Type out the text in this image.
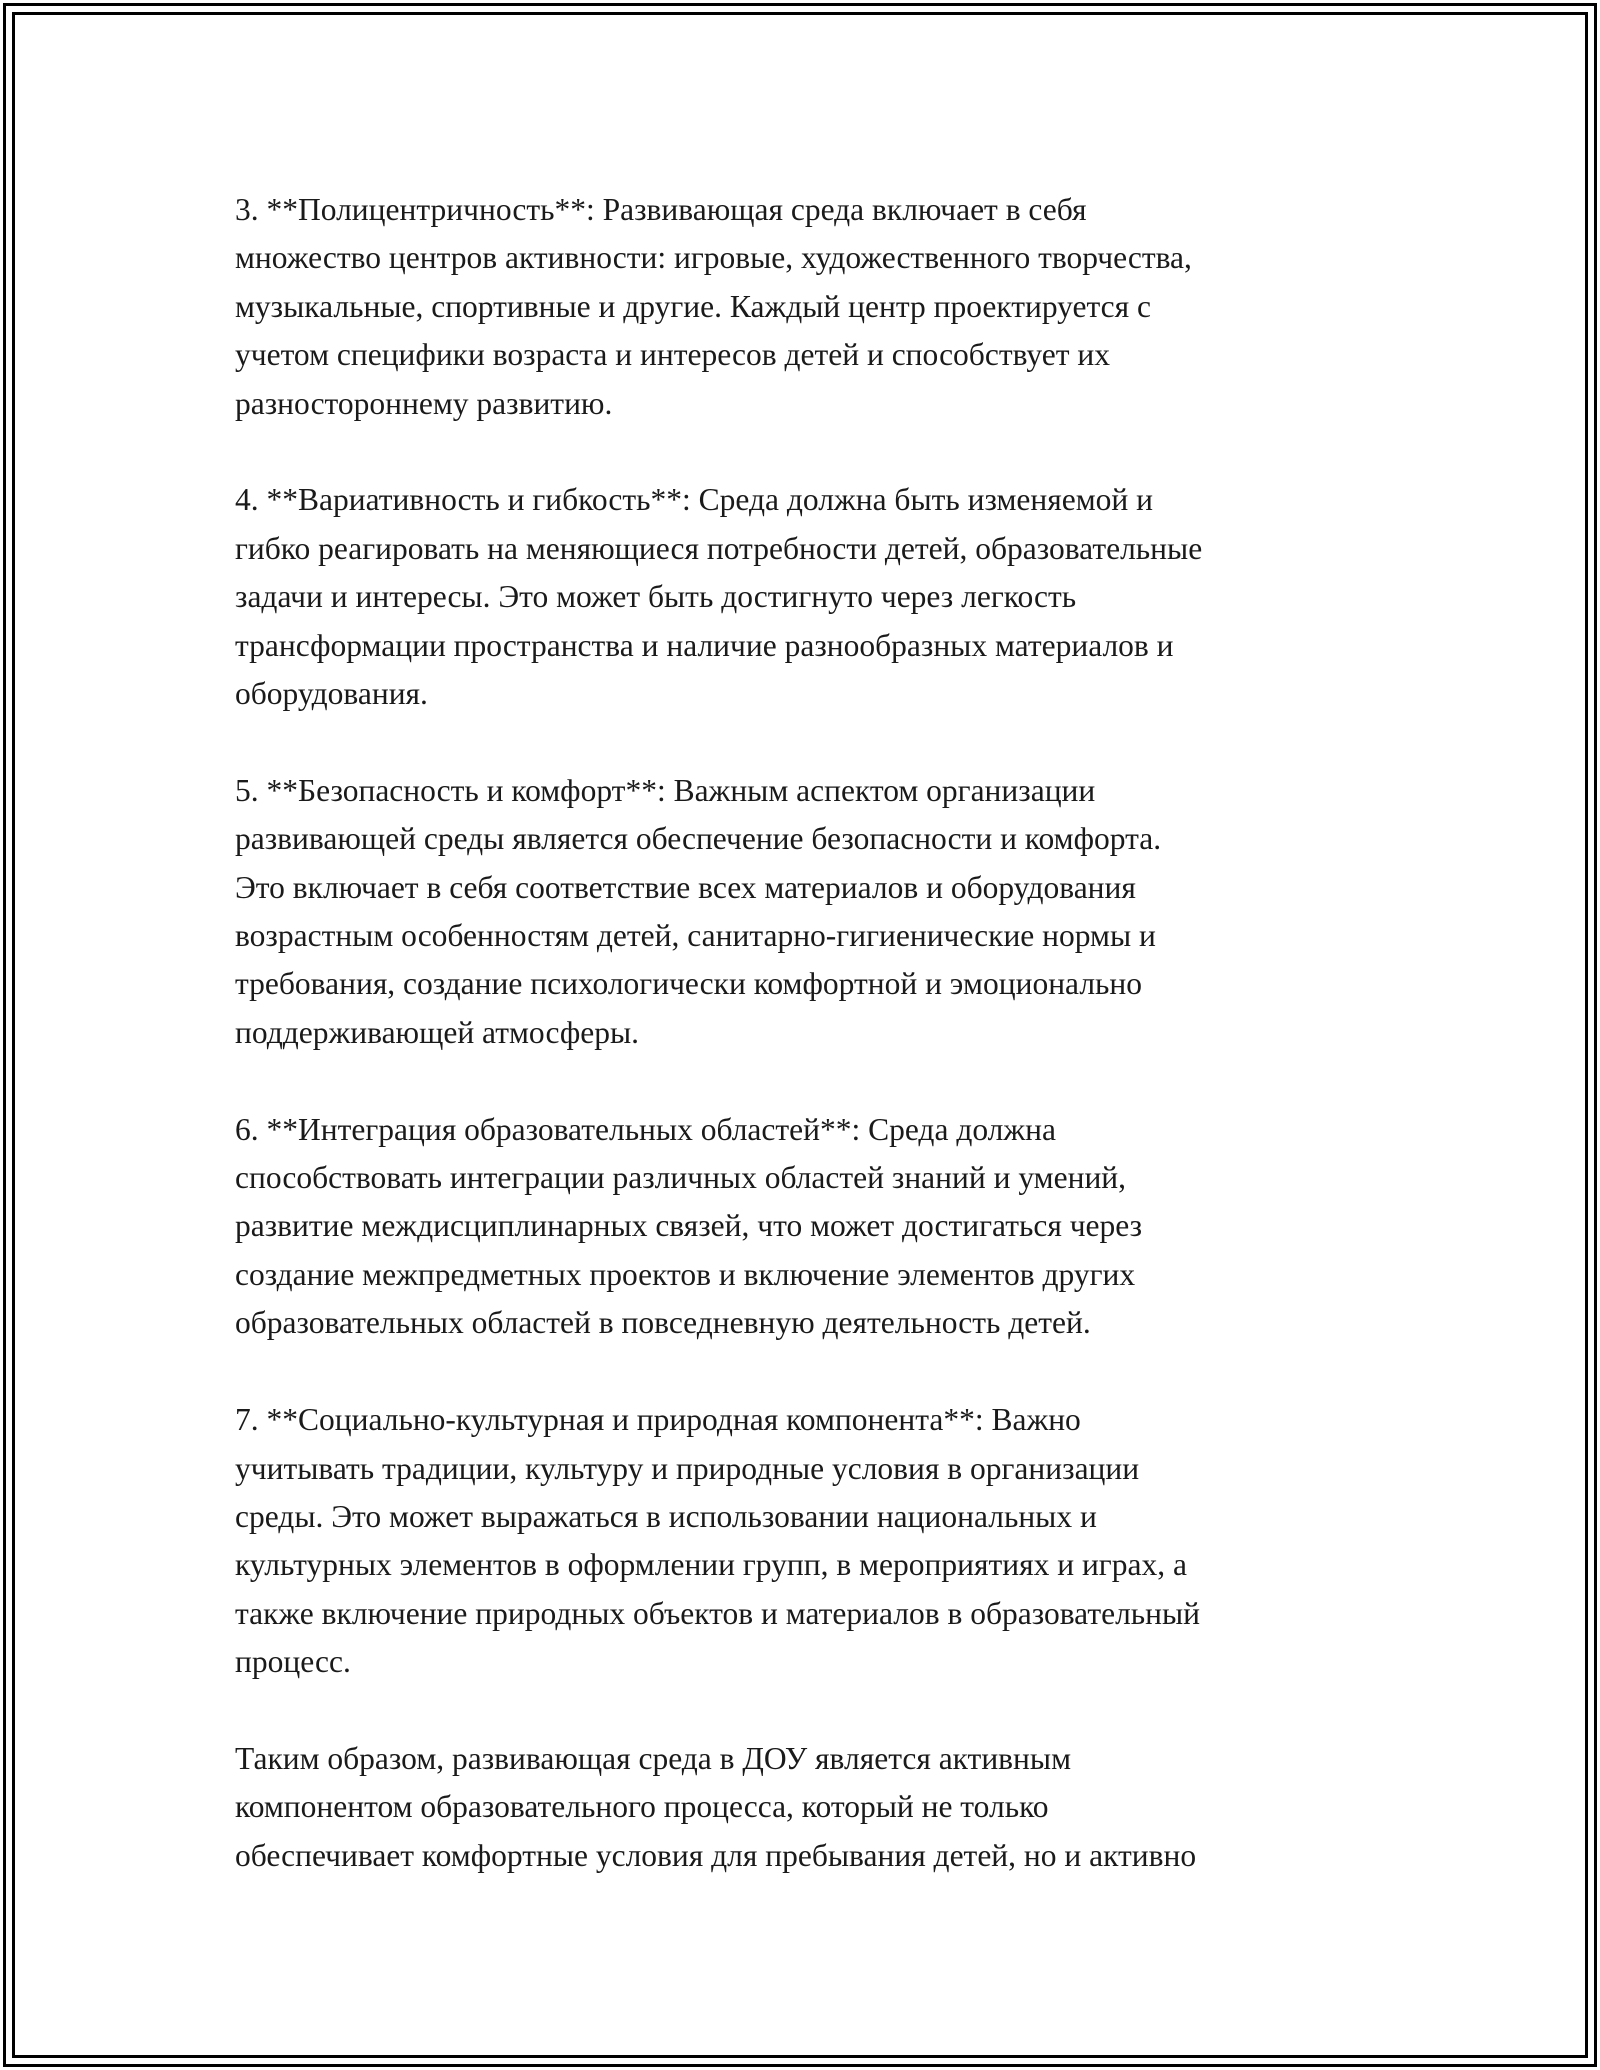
3. **Полицентричность**: Развивающая среда включает в себя
множество центров активности: игровые, художественного творчества,
музыкальные, спортивные и другие. Каждый центр проектируется с
учетом специфики возраста и интересов детей и способствует их
разностороннему развитию.

4. **Вариативность и гибкость**: Среда должна быть изменяемой и
гибко реагировать на меняющиеся потребности детей, образовательные
задачи и интересы. Это может быть достигнуто через легкость
трансформации пространства и наличие разнообразных материалов и
оборудования.

5. **Безопасность и комфорт**: Важным аспектом организации
развивающей среды является обеспечение безопасности и комфорта.
Это включает в себя соответствие всех материалов и оборудования
возрастным особенностям детей, санитарно-гигиенические нормы и
требования, создание психологически комфортной и эмоционально
поддерживающей атмосферы.

6. **Интеграция образовательных областей**: Среда должна
способствовать интеграции различных областей знаний и умений,
развитие междисциплинарных связей, что может достигаться через
создание межпредметных проектов и включение элементов других
образовательных областей в повседневную деятельность детей.

7. **Социально-культурная и природная компонента**: Важно
учитывать традиции, культуру и природные условия в организации
среды. Это может выражаться в использовании национальных и
культурных элементов в оформлении групп, в мероприятиях и играх, а
также включение природных объектов и материалов в образовательный
процесс.

Таким образом, развивающая среда в ДОУ является активным
компонентом образовательного процесса, который не только
обеспечивает комфортные условия для пребывания детей, но и активно
